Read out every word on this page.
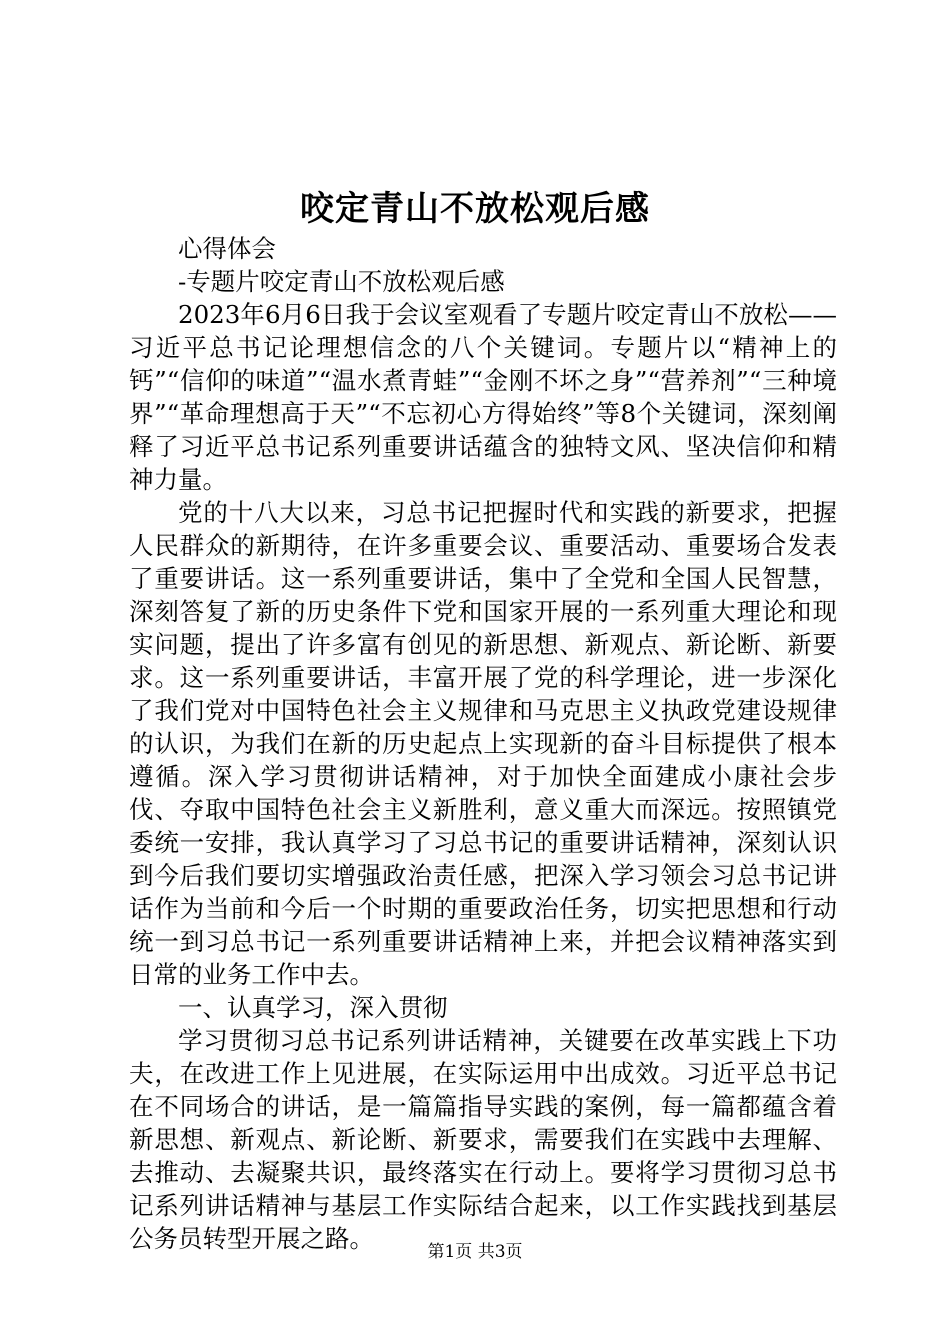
咬定青山不放松观后感

心得体会

-专题片咬定青山不放松观后感

2023年6月6日我于会议室观看了专题片咬定青山不放松——习近平总书记论理想信念的八个关键词。专题片以“精神上的钙”“信仰的味道”“温水煮青蛙”“金刚不坏之身”“营养剂”“三种境界”“革命理想高于天”“不忘初心方得始终”等8个关键词，深刻阐释了习近平总书记系列重要讲话蕴含的独特文风、坚决信仰和精神力量。

党的十八大以来，习总书记把握时代和实践的新要求，把握人民群众的新期待，在许多重要会议、重要活动、重要场合发表了重要讲话。这一系列重要讲话，集中了全党和全国人民智慧，深刻答复了新的历史条件下党和国家开展的一系列重大理论和现实问题，提出了许多富有创见的新思想、新观点、新论断、新要求。这一系列重要讲话，丰富开展了党的科学理论，进一步深化了我们党对中国特色社会主义规律和马克思主义执政党建设规律的认识，为我们在新的历史起点上实现新的奋斗目标提供了根本遵循。深入学习贯彻讲话精神，对于加快全面建成小康社会步伐、夺取中国特色社会主义新胜利，意义重大而深远。按照镇党委统一安排，我认真学习了习总书记的重要讲话精神，深刻认识到今后我们要切实增强政治责任感，把深入学习领会习总书记讲话作为当前和今后一个时期的重要政治任务，切实把思想和行动统一到习总书记一系列重要讲话精神上来，并把会议精神落实到日常的业务工作中去。

一、认真学习，深入贯彻

学习贯彻习总书记系列讲话精神，关键要在改革实践上下功夫，在改进工作上见进展，在实际运用中出成效。习近平总书记在不同场合的讲话，是一篇篇指导实践的案例，每一篇都蕴含着新思想、新观点、新论断、新要求，需要我们在实践中去理解、去推动、去凝聚共识，最终落实在行动上。要将学习贯彻习总书记系列讲话精神与基层工作实际结合起来，以工作实践找到基层公务员转型开展之路。	第1页 共3页
